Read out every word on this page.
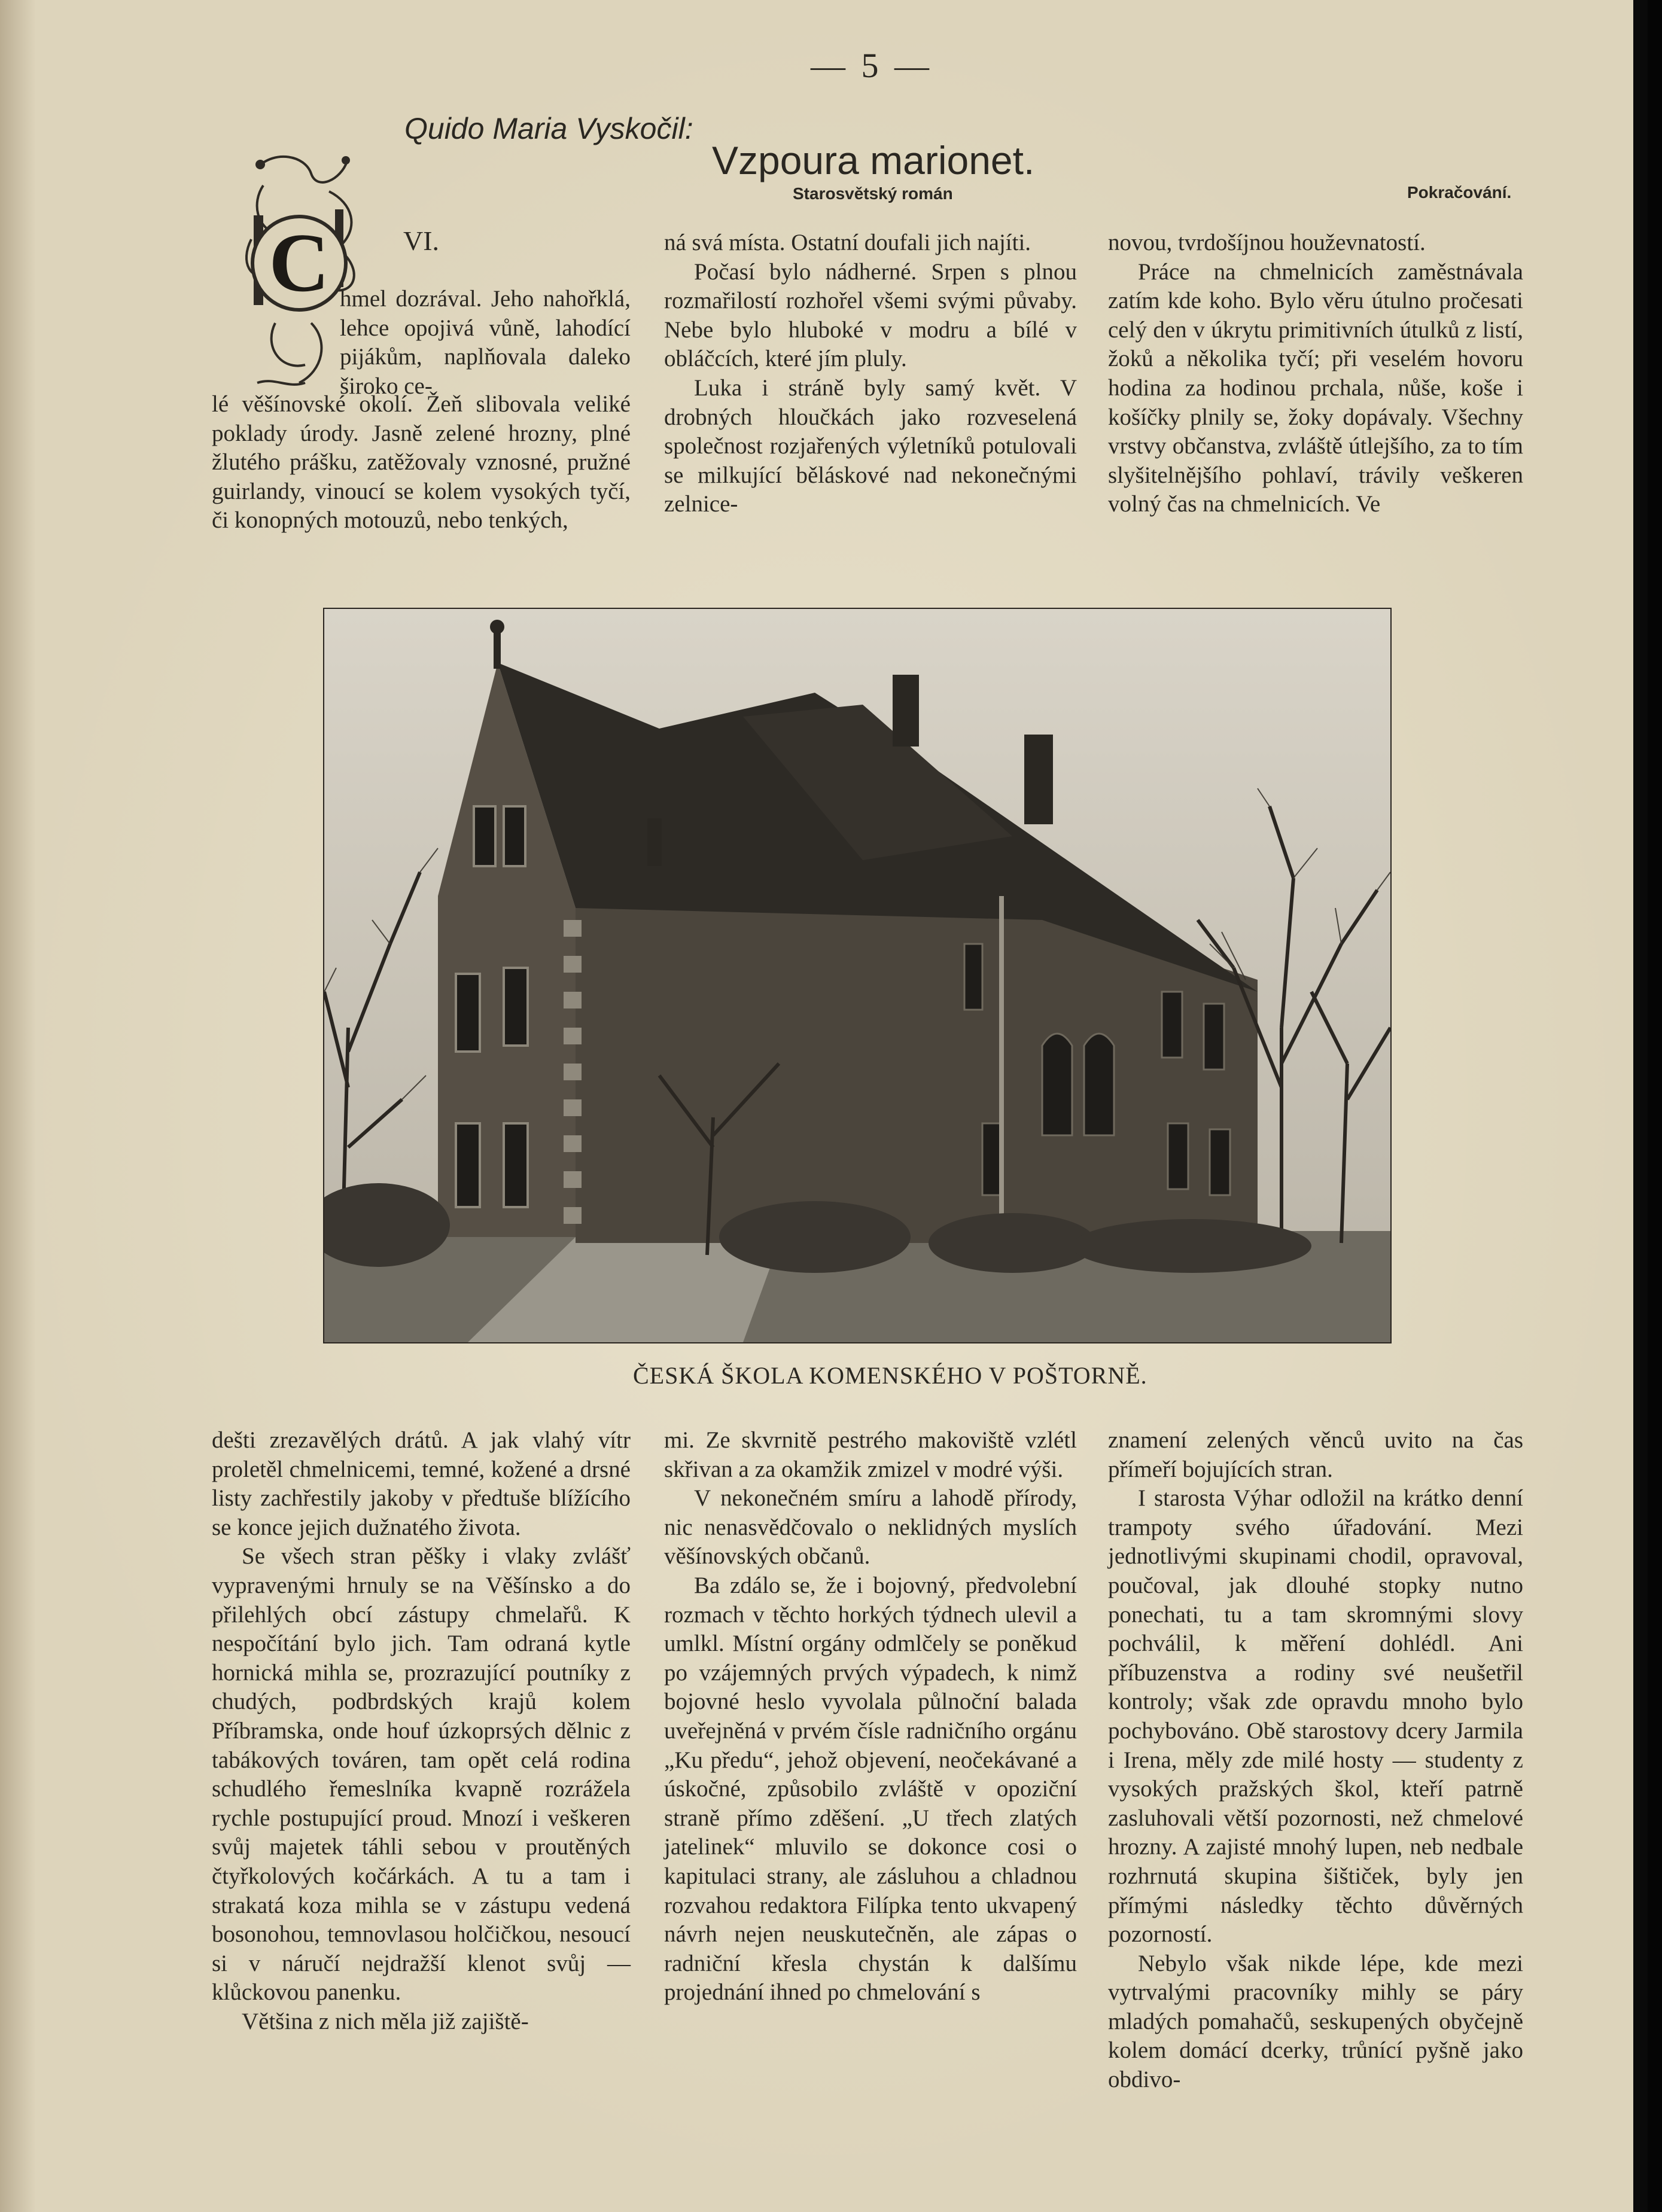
— 5 —
Quido Maria Vyskočil:
Vzpoura marionet.
Starosvětský román	Pokračování.
C	VI.
hmel dozrával. Jeho nahořklá, lehce opojivá vůně, lahodící pijákům, naplňovala daleko široko ce-
lé věšínovské okolí. Žeň slibovala veliké poklady úrody. Jasně zelené hrozny, plné žlutého prášku, zatěžovaly vznosné, pružné guirlandy, vinoucí se kolem vysokých tyčí, či konopných motouzů, nebo tenkých,

ná svá místa. Ostatní doufali jich najíti.

Počasí bylo nádherné. Srpen s plnou rozmařilostí rozhořel všemi svými půvaby. Nebe bylo hluboké v modru a bílé v obláčcích, které jím pluly.

Luka i stráně byly samý květ. V drobných hloučkách jako rozveselená společnost rozjařených výletníků potulovali se milkující běláskové nad nekonečnými zelnice-

novou, tvrdošíjnou houževnatostí.

Práce na chmelnicích zaměstnávala zatím kde koho. Bylo věru útulno pročesati celý den v úkrytu primitivních útulků z listí, žoků a několika tyčí; při veselém hovoru hodina za hodinou prchala, nůše, koše i košíčky plnily se, žoky dopávaly. Všechny vrstvy občanstva, zvláště útlejšího, za to tím slyšitelnějšího pohlaví, trávily veškeren volný čas na chmelnicích. Ve

ČESKÁ ŠKOLA KOMENSKÉHO V POŠTORNĚ.

dešti zrezavělých drátů. A jak vlahý vítr proletěl chmelnicemi, temné, kožené a drsné listy zachřestily jakoby v předtuše blížícího se konce jejich dužnatého života.

Se všech stran pěšky i vlaky zvlášť vypravenými hrnuly se na Věšínsko a do přilehlých obcí zástupy chmelařů. K nespočítání bylo jich. Tam odraná kytle hornická mihla se, prozrazující poutníky z chudých, podbrdských krajů kolem Příbramska, onde houf úzkoprsých dělnic z tabákových továren, tam opět celá rodina schudlého řemeslníka kvapně rozrážela rychle postupující proud. Mnozí i veškeren svůj majetek táhli sebou v proutěných čtyřkolových kočárkách. A tu a tam i strakatá koza mihla se v zástupu vedená bosonohou, temnovlasou holčičkou, nesoucí si v náručí nejdražší klenot svůj — klůckovou panenku.

Většina z nich měla již zajiště-

mi. Ze skvrnitě pestrého makoviště vzlétl skřivan a za okamžik zmizel v modré výši.

V nekonečném smíru a lahodě přírody, nic nenasvědčovalo o neklidných myslích věšínovských občanů.

Ba zdálo se, že i bojovný, předvolební rozmach v těchto horkých týdnech ulevil a umlkl. Místní orgány odmlčely se poněkud po vzájemných prvých výpadech, k nimž bojovné heslo vyvolala půlnoční balada uveřejněná v prvém čísle radničního orgánu „Ku předu“, jehož objevení, neočekávané a úskočné, způsobilo zvláště v opoziční straně přímo zděšení. „U třech zlatých jatelinek“ mluvilo se dokonce cosi o kapitulaci strany, ale zásluhou a chladnou rozvahou redaktora Filípka tento ukvapený návrh nejen neuskutečněn, ale zápas o radniční křesla chystán k dalšímu projednání ihned po chmelování s

znamení zelených věnců uvito na čas přímeří bojujících stran.

I starosta Výhar odložil na krátko denní trampoty svého úřadování. Mezi jednotlivými skupinami chodil, opravoval, poučoval, jak dlouhé stopky nutno ponechati, tu a tam skromnými slovy pochválil, k měření dohlédl. Ani příbuzenstva a rodiny své neušetřil kontroly; však zde opravdu mnoho bylo pochybováno. Obě starostovy dcery Jarmila i Irena, měly zde milé hosty — studenty z vysokých pražských škol, kteří patrně zasluhovali větší pozornosti, než chmelové hrozny. A zajisté mnohý lupen, neb nedbale rozhrnutá skupina šištiček, byly jen přímými následky těchto důvěrných pozorností.

Nebylo však nikde lépe, kde mezi vytrvalými pracovníky mihly se páry mladých pomahačů, seskupených obyčejně kolem domácí dcerky, trůnící pyšně jako obdivo-
